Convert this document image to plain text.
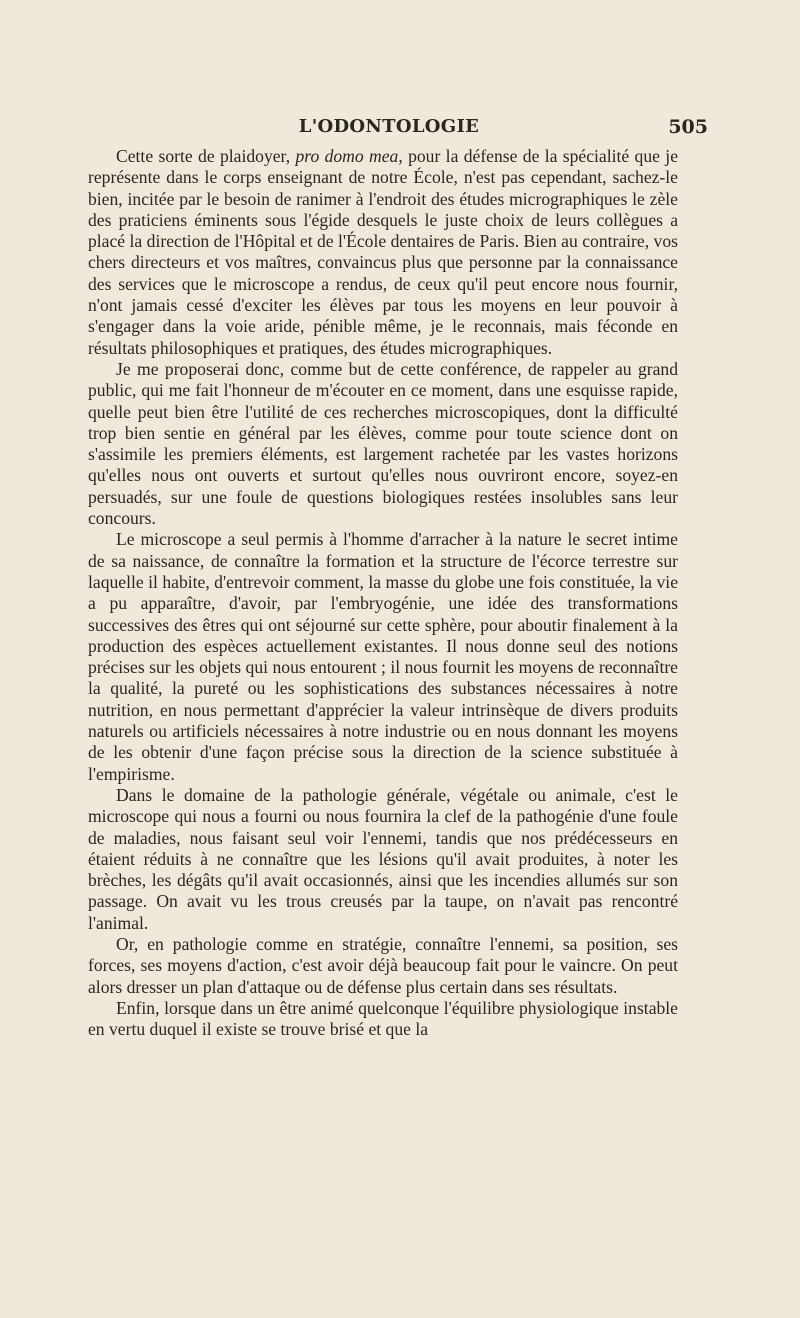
L'ODONTOLOGIE	505

Cette sorte de plaidoyer, pro domo mea, pour la défense de la spécialité que je représente dans le corps enseignant de notre École, n'est pas cependant, sachez-le bien, incitée par le besoin de ranimer à l'endroit des études micrographiques le zèle des praticiens éminents sous l'égide desquels le juste choix de leurs collègues a placé la direction de l'Hôpital et de l'École dentaires de Paris. Bien au contraire, vos chers directeurs et vos maîtres, convaincus plus que personne par la connaissance des services que le microscope a rendus, de ceux qu'il peut encore nous fournir, n'ont jamais cessé d'exciter les élèves par tous les moyens en leur pouvoir à s'engager dans la voie aride, pénible même, je le reconnais, mais féconde en résultats philosophiques et pratiques, des études micrographiques.

Je me proposerai donc, comme but de cette conférence, de rappeler au grand public, qui me fait l'honneur de m'écouter en ce moment, dans une esquisse rapide, quelle peut bien être l'utilité de ces recherches microscopiques, dont la difficulté trop bien sentie en général par les élèves, comme pour toute science dont on s'assimile les premiers éléments, est largement rachetée par les vastes horizons qu'elles nous ont ouverts et surtout qu'elles nous ouvriront encore, soyez-en persuadés, sur une foule de questions biologiques restées insolubles sans leur concours.

Le microscope a seul permis à l'homme d'arracher à la nature le secret intime de sa naissance, de connaître la formation et la structure de l'écorce terrestre sur laquelle il habite, d'entrevoir comment, la masse du globe une fois constituée, la vie a pu apparaître, d'avoir, par l'embryogénie, une idée des transformations successives des êtres qui ont séjourné sur cette sphère, pour aboutir finalement à la production des espèces actuellement existantes. Il nous donne seul des notions précises sur les objets qui nous entourent ; il nous fournit les moyens de reconnaître la qualité, la pureté ou les sophistications des substances nécessaires à notre nutrition, en nous permettant d'apprécier la valeur intrinsèque de divers produits naturels ou artificiels nécessaires à notre industrie ou en nous donnant les moyens de les obtenir d'une façon précise sous la direction de la science substituée à l'empirisme.

Dans le domaine de la pathologie générale, végétale ou animale, c'est le microscope qui nous a fourni ou nous fournira la clef de la pathogénie d'une foule de maladies, nous faisant seul voir l'ennemi, tandis que nos prédécesseurs en étaient réduits à ne connaître que les lésions qu'il avait produites, à noter les brèches, les dégâts qu'il avait occasionnés, ainsi que les incendies allumés sur son passage. On avait vu les trous creusés par la taupe, on n'avait pas rencontré l'animal.

Or, en pathologie comme en stratégie, connaître l'ennemi, sa position, ses forces, ses moyens d'action, c'est avoir déjà beaucoup fait pour le vaincre. On peut alors dresser un plan d'attaque ou de défense plus certain dans ses résultats.

Enfin, lorsque dans un être animé quelconque l'équilibre physiologique instable en vertu duquel il existe se trouve brisé et que la
